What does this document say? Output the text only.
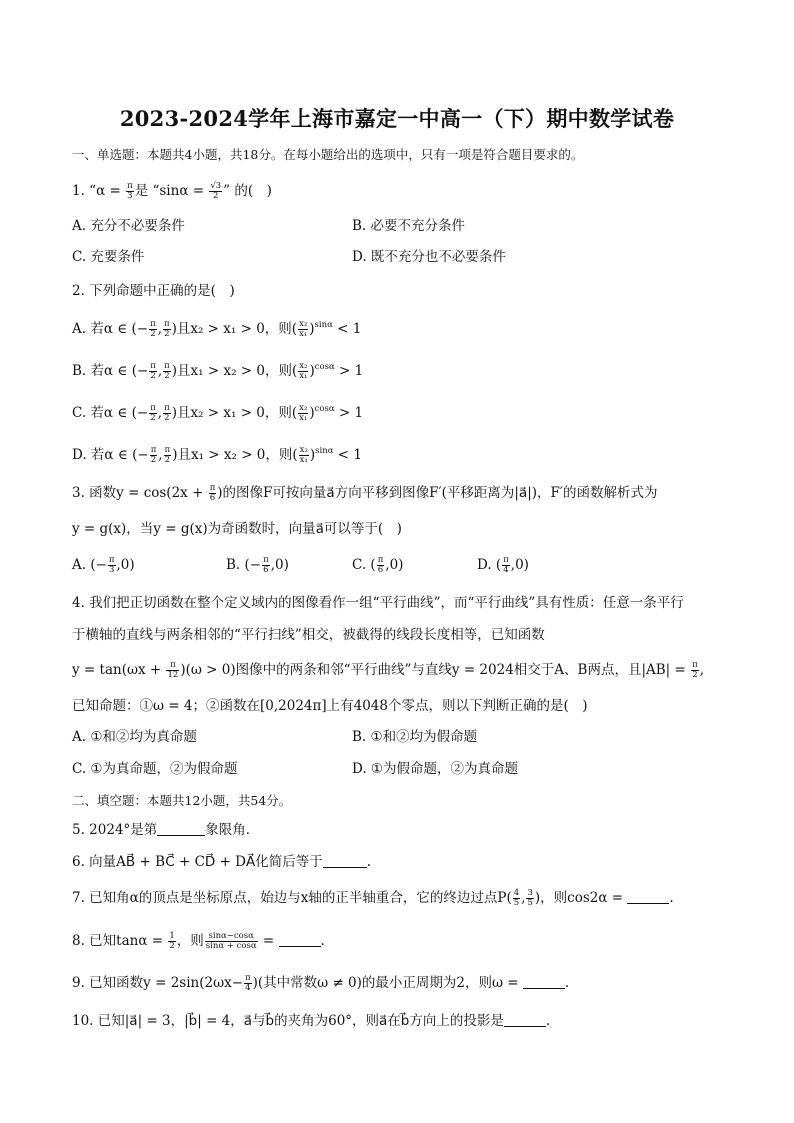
2023-2024学年上海市嘉定一中高一（下）期中数学试卷
一、单选题：本题共4小题，共18分。在每小题给出的选项中，只有一项是符合题目要求的。
1. “$\alpha = \frac{\pi}{3}$ 是 “$\sin\alpha = \frac{√3}{2}$ ” 的(　)
A. 充分不必要条件	B. 必要不充分条件
C. 充要条件	D. 既不充分也不必要条件
2. 下列命题中正确的是(　)
A. 若α ∈ (− $\frac{\pi}{2}$ , $\frac{\pi}{2}$ )且x₂ > x₁ > 0，则( $\frac{\text{x₂}}{\text{x₁}} )^{sin\alpha} < 1$
B. 若α ∈ (− $\frac{\pi}{2}$ , $\frac{\pi}{2}$ )且x₁ > x₂ > 0，则( $\frac{\text{x₂}}{\text{x₁}} )^{cos\alpha} > 1$
C. 若α ∈ (− $\frac{\pi}{2}$ , $\frac{\pi}{2}$ )且x₂ > x₁ > 0，则( $\frac{\text{x₂}}{\text{x₁}} )^{cos\alpha} > 1$
D. 若α ∈ (− $\frac{\pi}{2}$ , $\frac{\pi}{2}$ )且x₁ > x₂ > 0，则( $\frac{\text{x₂}}{\text{x₁}} )^{sin\alpha} < 1$
3. 函数$y = \cos(2x + \frac{\pi}{6}$ )的图像F可按向量a⃗方向平移到图像F′(平移距离为|a⃗|)，F′的函数解析式为
y = g(x)，当y = g(x)为奇函数时，向量a⃗可以等于(　)
A. (− $\frac{\pi}{3} ,0$)	B. (− $\frac{\pi}{6} ,0$)	C. ( $\frac{\pi}{6} ,0$)	D. ( $\frac{\pi}{4} ,0$)
4. 我们把正切函数在整个定义域内的图像看作一组“平行曲线”，而“平行曲线”具有性质：任意一条平行
于横轴的直线与两条相邻的“平行扫线”相交，被截得的线段长度相等，已知函数
$y = \tan(\omega x + \frac{\pi}{12} )(\omega > 0)$图像中的两条和邻“平行曲线”与直线y = 2024相交于A、B两点，且$|AB| = \frac{\pi}{2}$ ,
已知命题：①ω = 4；②函数在[0,2024π]上有4048个零点，则以下判断正确的是(　)
A. ①和②均为真命题	B. ①和②均为假命题
C. ①为真命题，②为假命题	D. ①为假命题，②为真命题
二、填空题：本题共12小题，共54分。
5. 2024°是第	象限角．
6. 向量AB⃗ + BC⃗ + CD⃗ + DA⃗化简后等于	.
7. 已知角α的顶点是坐标原点，始边与x轴的正半轴重合，它的终边过点$P( \frac{4}{5}$ , $\frac{3}{5}$ )，则cos2α =	.
8. 已知$\tan\alpha = \frac{1}{2}$ ，则 $\frac{\sin\alpha-\cos\alpha}{\sin\alpha + \cos\alpha}$ =	.
9. 已知函数$y = 2\sin(2\omega x- \frac{\pi}{4}$ )(其中常数ω ≠ 0)的最小正周期为2，则ω =	.
10. 已知|a⃗| = 3，|b⃗| = 4，a⃗与b⃗的夹角为60°，则a⃗在b⃗方向上的投影是	.
